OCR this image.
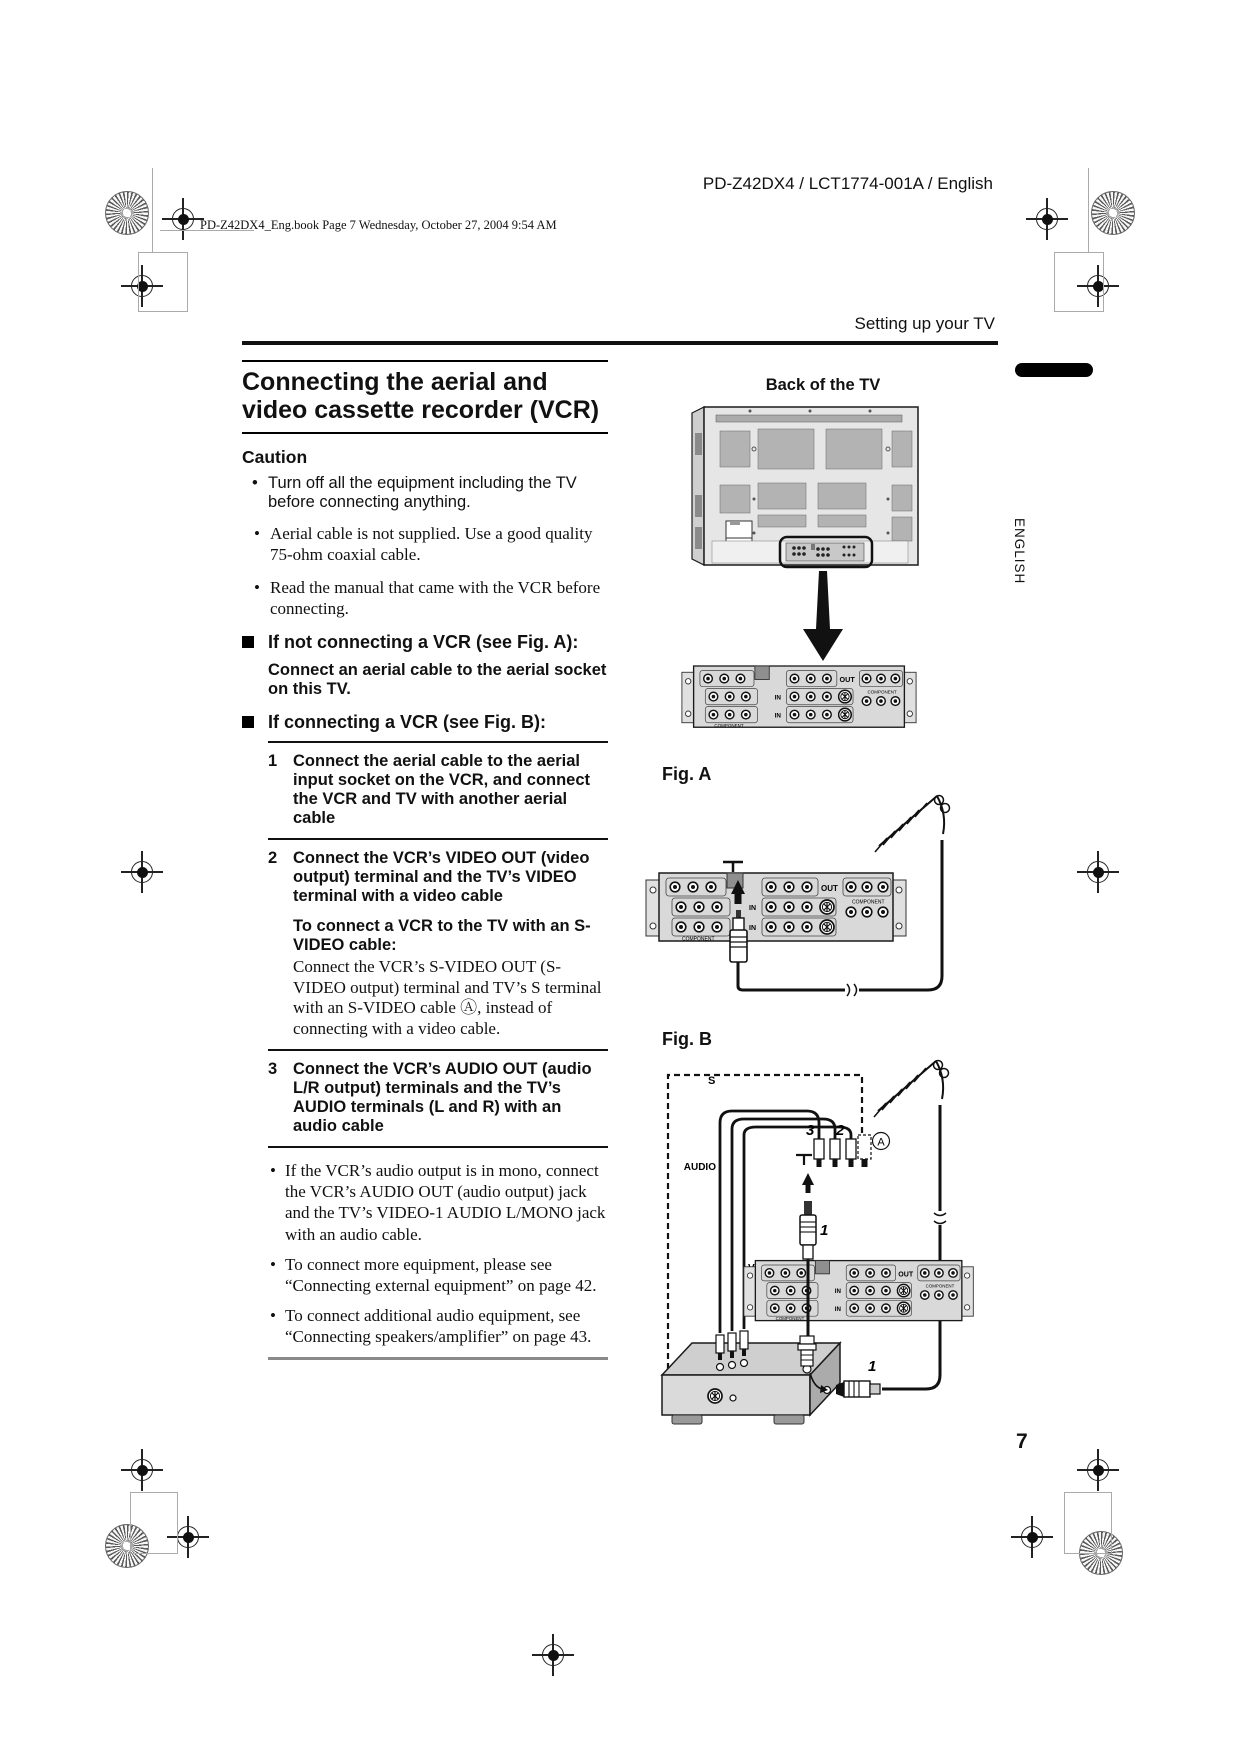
PD-Z42DX4 / LCT1774-001A / English
PD-Z42DX4_Eng.book Page 7 Wednesday, October 27, 2004 9:54 AM
Setting up your TV
ENGLISH
7
Connecting the aerial and video cassette recorder (VCR)
Caution
• Turn off all the equipment including the TV before connecting anything.
• Aerial cable is not supplied. Use a good quality 75-ohm coaxial cable.
• Read the manual that came with the VCR before connecting.
If not connecting a VCR (see Fig. A):

Connect an aerial cable to the aerial socket on this TV.

If connecting a VCR (see Fig. B):
1 Connect the aerial cable to the aerial input socket on the VCR, and connect the VCR and TV with another aerial cable

2 Connect the VCR’s VIDEO OUT (video output) terminal and the TV’s VIDEO terminal with a video cable

To connect a VCR to the TV with an S-VIDEO cable:

Connect the VCR’s S-VIDEO OUT (S-VIDEO output) terminal and TV’s S terminal with an S-VIDEO cable Ⓐ, instead of connecting with a video cable.

3 Connect the VCR’s AUDIO OUT (audio L/R output) terminals and the TV’s AUDIO terminals (L and R) with an audio cable

• If the VCR’s audio output is in mono, connect the VCR’s AUDIO OUT (audio output) jack and the TV’s VIDEO-1 AUDIO L/MONO jack with an audio cable.
• To connect more equipment, please see “Connecting external equipment” on page 42.
• To connect additional audio equipment, see “Connecting speakers/amplifier” on page 43.
Back of the TV
Fig. A
Fig. B
S
AUDIO
3 2
A
1
1
